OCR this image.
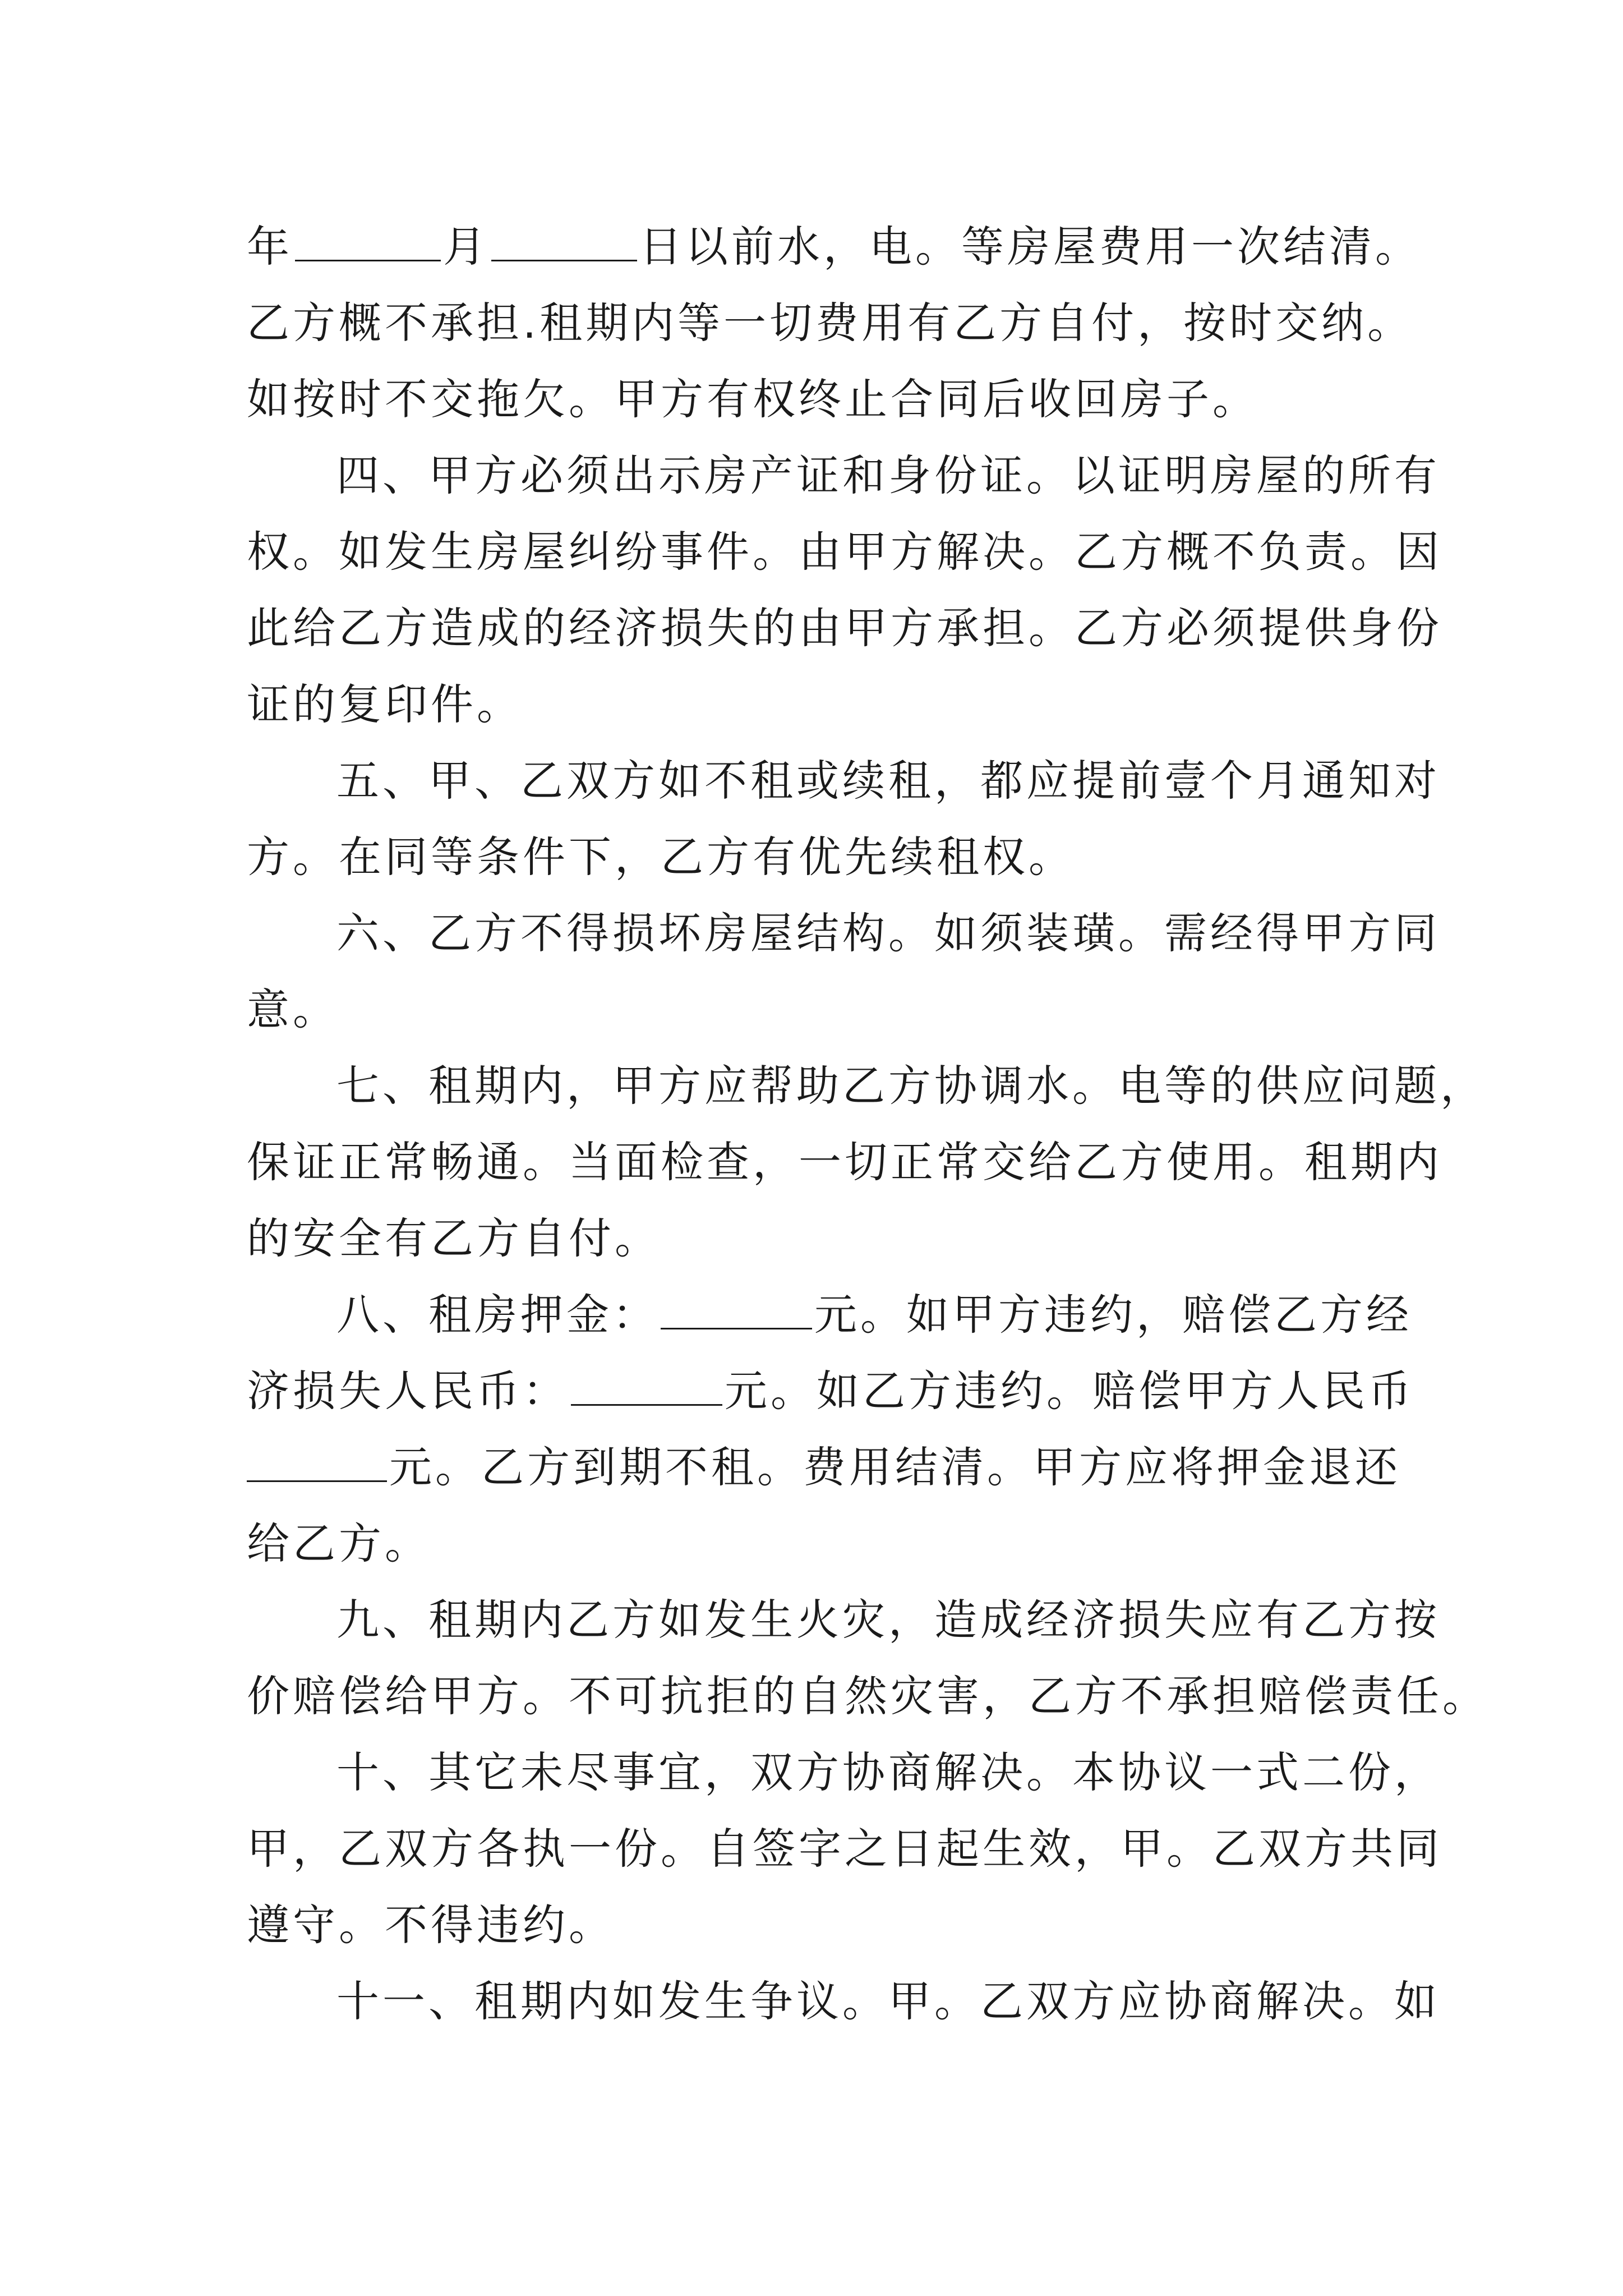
年	月	日以前水，电。等房屋费用一次结清。
乙方概不承担.租期内等一切费用有乙方自付，按时交纳。
如按时不交拖欠。甲方有权终止合同后收回房子。
四、甲方必须出示房产证和身份证。以证明房屋的所有
权。如发生房屋纠纷事件。由甲方解决。乙方概不负责。因
此给乙方造成的经济损失的由甲方承担。乙方必须提供身份
证的复印件。
五、甲、乙双方如不租或续租，都应提前壹个月通知对
方。在同等条件下，乙方有优先续租权。
六、乙方不得损坏房屋结构。如须装璜。需经得甲方同
意。
七、租期内，甲方应帮助乙方协调水。电等的供应问题，
保证正常畅通。当面检查，一切正常交给乙方使用。租期内
的安全有乙方自付。
八、租房押金：	元。如甲方违约，赔偿乙方经
济损失人民币：	元。如乙方违约。赔偿甲方人民币
元。乙方到期不租。费用结清。甲方应将押金退还
给乙方。
九、租期内乙方如发生火灾，造成经济损失应有乙方按
价赔偿给甲方。不可抗拒的自然灾害，乙方不承担赔偿责任。
十、其它未尽事宜，双方协商解决。本协议一式二份，
甲，乙双方各执一份。自签字之日起生效，甲。乙双方共同
遵守。不得违约。
十一、租期内如发生争议。甲。乙双方应协商解决。如
